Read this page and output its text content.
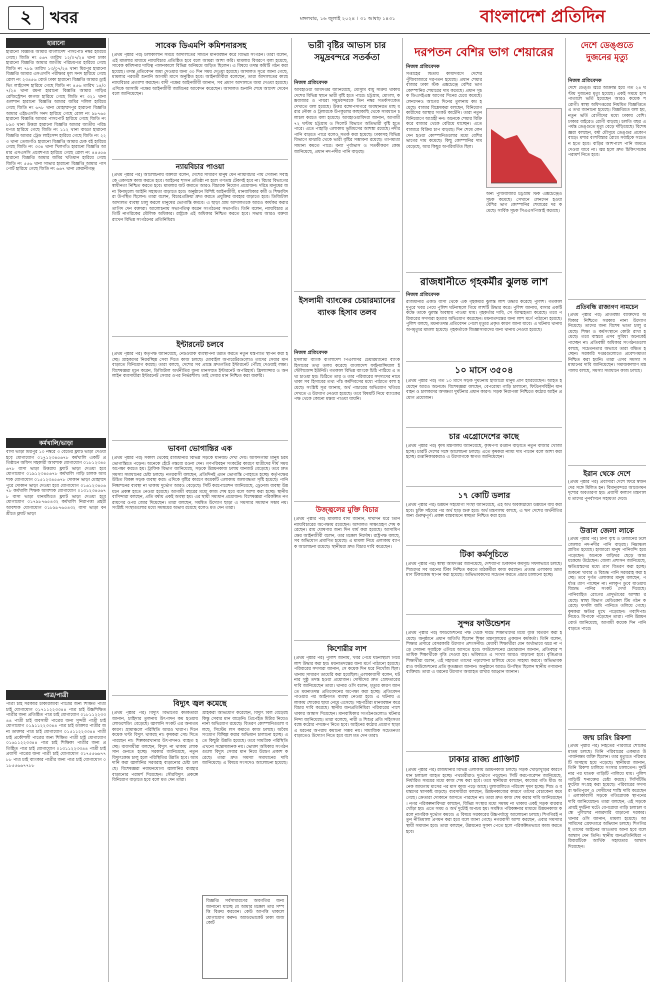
২	খবর	মঙ্গলবার, ১৬ জুলাই ২০২৪ । ৩১ আষাঢ় ১৪৩১	বাংলাদেশ প্রতিদিন
হারানো
হারানো বিজ্ঞপ্তি আমার বাংলাদেশ পাসপোর্ট নম্বর হারিয়ে গেছে। জিডি নং ৫৬৭ তারিখ ১২/০৭/২৪ থানা ঢাকা হারানো বিজ্ঞপ্তি আমার জাতীয় পরিচয়পত্র হারিয়ে গেছে জিডি নং ৭৮৯ তারিখ ১৩/০৭/২৪ থানা মিরপুর হারানো বিজ্ঞপ্তি আমার এসএসসি পরীক্ষার মূল সনদ হারিয়ে গেছে রোল নং ২৩৪৫৬ বোর্ড ঢাকা হারানো বিজ্ঞপ্তি আমার ড্রাইভিং লাইসেন্স হারিয়ে গেছে জিডি নং ৪৫৬ তারিখ ১৪/০৭/২৪ থানা রমনা হারানো বিজ্ঞপ্তি আমার গাড়ির রেজিস্ট্রেশন কাগজ হারিয়ে গেছে জিডি নং ৩২১ থানা গুলশান হারানো বিজ্ঞপ্তি আমার জমির দলিল হারিয়ে গেছে জিডি নং ৬৭৮ থানা মোহাম্মদপুর হারানো বিজ্ঞপ্তি আমার এইচএসসি সনদ হারিয়ে গেছে রোল নং ৯৮৭৬৫ হারানো বিজ্ঞপ্তি আমার পাসপোর্ট হারিয়ে গেছে জিডি নং ৮৯০ থানা উত্তরা হারানো বিজ্ঞপ্তি আমার জাতীয় পরিচয়পত্র হারিয়ে গেছে জিডি নং ১১২ থানা বাড্ডা হারানো বিজ্ঞপ্তি আমার ট্রেড লাইসেন্স হারিয়ে গেছে জিডি নং ২২৩ থানা তেজগাঁও হারানো বিজ্ঞপ্তি আমার চেক বই হারিয়ে গেছে জিডি নং ৩৩৪ থানা খিলগাঁও হারানো বিজ্ঞপ্তি আমার এসএসসি প্রবেশপত্র হারিয়ে গেছে রোল নং ৪৪৫৫৬ হারানো বিজ্ঞপ্তি আমার জমির খতিয়ান হারিয়ে গেছে জিডি নং ৫৫৬ থানা সাভার হারানো বিজ্ঞপ্তি আমার পাসপোর্ট হারিয়ে গেছে জিডি নং ৬৬৭ থানা কেরানীগঞ্জ
কর্মখালি/ভাড়া
বাসা ভাড়া মিরপুর ১০ নম্বরে ৩ বেডের ফ্ল্যাট ভাড়া দেওয়া হবে যোগাযোগ ০১৭১২৩৪৫৬৭৮ কর্মখালি একটি প্রতিষ্ঠানে অফিস সহকারী আবশ্যক যোগাযোগ ০১৮১২৩৪৫৬৭৮ বাসা ভাড়া উত্তরায় ফ্ল্যাট ভাড়া দেওয়া হবে যোগাযোগ ০১৯১২৩৪৫৬৭৮ কর্মখালি গাড়ি চালক আবশ্যক যোগাযোগ ০১৫১২৩৪৫৬৭৮ দোকান ভাড়া মোহাম্মদপুরে দোকান ভাড়া দেওয়া হবে যোগাযোগ ০১৬১২৩৪৫৬৭৮ কর্মখালি শিক্ষক আবশ্যক যোগাযোগ ০১৩১২৩৪৫৬৭৮ বাসা ভাড়া ধানমন্ডিতে ফ্ল্যাট ভাড়া দেওয়া হবে যোগাযোগ ০১৭৯৮৭৬৫৪৩২ কর্মখালি নিরাপত্তা প্রহরী আবশ্যক যোগাযোগ ০১৮৯৮৭৬৫৪৩২ বাসা ভাড়া বনশ্রীতে ফ্ল্যাট ভাড়া
পাত্র/পাত্রী
পাত্রী চাই সরকারি চাকরিজীবী পাত্রের জন্য শিক্ষিত পাত্রী চাই যোগাযোগ ০১৭১১২২৩৩৪৪ পাত্র চাই উচ্চশিক্ষিত পাত্রীর জন্য প্রতিষ্ঠিত পাত্র চাই যোগাযোগ ০১৮১১২২৩৩৪৪ পাত্রী চাই ব্যবসায়ী পাত্রের জন্য সুন্দরী পাত্রী চাই যোগাযোগ ০১৯১১২২৩৩৪৪ পাত্র চাই ডাক্তার পাত্রীর জন্য ডাক্তার পাত্র চাই যোগাযোগ ০১৫১১২২৩৩৪৪ পাত্রী চাই প্রকৌশলী পাত্রের জন্য শিক্ষিত পাত্রী চাই যোগাযোগ ০১৬১১২২৩৩৪৪ পাত্র চাই শিক্ষিকা পাত্রীর জন্য প্রতিষ্ঠিত পাত্র চাই যোগাযোগ ০১৩১১২২৩৩৪৪ পাত্রী চাই প্রবাসী পাত্রের জন্য পাত্রী চাই যোগাযোগ ০১৭৫৫৬৬৭৭৮৮ পাত্র চাই ব্যাংকার পাত্রীর জন্য পাত্র চাই যোগাযোগ ০১৮৫৫৬৬৭৭৮৮
সাবেক ডিএমপি কমিশনারসহ
(প্রথম পৃষ্ঠার পর) চলাকালীন সময়ে আদালতের সামনে মানববন্ধন করে বিভিন্ন সংগঠন। তারা বলেন, এই মামলার মাধ্যমে ন্যায়বিচার প্রতিষ্ঠিত হবে বলে আমরা আশা করি। মামলার বিবরণে বলা হয়েছে, সাবেক কমিশনার দায়িত্ব পালনকালে বিভিন্ন অনিয়মে জড়িত ছিলেন। এ বিষয়ে তদন্ত কমিটি গঠন করা হয়েছে। তদন্ত প্রতিবেদন জমা দেওয়ার জন্য ৩০ দিন সময় দেওয়া হয়েছে। আদালত সূত্রে জানা গেছে, মামলার পরবর্তী শুনানি আগামী মাসে অনুষ্ঠিত হবে। আইনজীবীরা বলেছেন, তারা আদালতের কাছে ন্যায়বিচার প্রত্যাশা করছেন। বাদী পক্ষের আইনজীবী জানান, সব প্রমাণ আদালতে জমা দেওয়া হয়েছে। এদিকে আসামি পক্ষের আইনজীবী জামিনের আবেদন করেছেন। আদালত শুনানি শেষে আদেশ দেবেন বলে জানিয়েছেন।
ন্যায়বিচার পাওয়া
(প্রথম পৃষ্ঠার পর) আলোচনায় বক্তারা বলেন, দেশের সাধারণ মানুষ যেন ন্যায়বিচার পায় সেজন্য সবাইকে একসঙ্গে কাজ করতে হবে। আইনের শাসন প্রতিষ্ঠা না হলে গণতন্ত্র টেকসই হবে না। বিচার বিভাগের স্বাধীনতা নিশ্চিত করতে হবে। মামলার জট কমাতে আরও বিচারক নিয়োগ প্রয়োজন। দরিদ্র মানুষের জন্য বিনামূল্যে আইনি সহায়তা বাড়াতে হবে। অনুষ্ঠানে বিশিষ্ট আইনজীবী, মানবাধিকার কর্মী ও শিক্ষাবিদরা উপস্থিত ছিলেন। তারা বলেন, বিচারপ্রক্রিয়া দ্রুত করতে প্রযুক্তির ব্যবহার বাড়াতে হবে। ডিজিটাল আদালত ব্যবস্থা চালু করলে মানুষের ভোগান্তি কমবে। এ ছাড়া গ্রাম আদালতকে আরও কার্যকর করার তাগিদ দেন বক্তারা। আলোচনায় সভাপতিত্ব করেন সংগঠনের সভাপতি। তিনি বলেন, ন্যায়বিচার প্রতিটি নাগরিকের মৌলিক অধিকার। রাষ্ট্রকে এই অধিকার নিশ্চিত করতে হবে। সভায় আরও বক্তব্য রাখেন বিভিন্ন সংগঠনের প্রতিনিধিরা।
ইন্টারনেট চলবে
(প্রথম পৃষ্ঠার পর) কর্তৃপক্ষ জানিয়েছে, নেটওয়ার্ক ব্যবস্থাপনা উন্নত করতে নতুন যন্ত্রপাতি স্থাপন করা হচ্ছে। গ্রাহকদের নিরবচ্ছিন্ন সেবা দিতে কাজ চলছে। মোবাইল অপারেটরগুলোও তাদের সেবার মান বাড়াতে বিনিয়োগ করছে। তারা বলছে, দেশের সব প্রান্তে দ্রুতগতির ইন্টারনেট পৌঁছে দেওয়াই লক্ষ্য। বিশেষজ্ঞরা মনে করেন, ডিজিটাল অর্থনীতির জন্য মানসম্মত ইন্টারনেট অপরিহার্য। ফ্রিল্যান্সার ও অনলাইন ব্যবসায়ীরা ইন্টারনেট সেবার ওপর নির্ভরশীল। তাই সেবার মান নিশ্চিত করা জরুরি।
ভাবনা ভোগান্তির এক
(প্রথম পৃষ্ঠার পর) সকাল থেকেই রাজধানীর বিভিন্ন সড়কে যানজট দেখা দেয়। অফিসগামী মানুষ চরম ভোগান্তিতে পড়েন। অনেকে হেঁটে গন্তব্যে রওনা দেন। গণপরিবহন সংকটের কারণে যাত্রীদের দীর্ঘ সময় অপেক্ষা করতে হয়। ট্রাফিক বিভাগ জানিয়েছে, সড়কে উন্নয়নকাজ চলায় যানজট বেড়েছে। তবে দ্রুত সমস্যা সমাধানের চেষ্টা চলছে। নগরবাসী বলছেন, প্রতিদিনই এমন ভোগান্তি পোহাতে হচ্ছে। কর্তৃপক্ষের উচিত বিকল্প সড়ক ব্যবস্থা করা। এদিকে বৃষ্টির কারণে কয়েকটি এলাকায় জলাবদ্ধতা সৃষ্টি হয়েছে। পানি নিষ্কাশনের ব্যবস্থা না থাকায় দুর্ভোগ আরও বেড়েছে। সিটি করপোরেশন জানিয়েছে, ড্রেনেজ ব্যবস্থা উন্নয়নে প্রকল্প হাতে নেওয়া হয়েছে। আগামী বছরের মধ্যে কাজ শেষ হবে বলে আশা করা হচ্ছে। স্থানীয় বাসিন্দারা বলছেন, প্রতি বর্ষায় একই অবস্থা হয়। এর স্থায়ী সমাধান প্রয়োজন। বিশেষজ্ঞরা পরিকল্পিত নগরায়ণের ওপর জোর দিয়েছেন। তারা বলছেন, সমন্বিত উদ্যোগ ছাড়া এ সমস্যার সমাধান সম্ভব নয়। সংশ্লিষ্ট সংস্থাগুলোর মধ্যে সমন্বয়ের অভাব রয়েছে বলেও মত দেন তারা।
বিদ্যুৎ জ্বল কমেছে
(প্রথম পৃষ্ঠার পর) বিদ্যুৎ বিভাগের কর্মকর্তারা জানান, চাহিদার তুলনায় উৎপাদন কম হওয়ায় লোডশেডিং বেড়েছে। জ্বালানি সংকট এর অন্যতম কারণ। গ্রামাঞ্চলে পরিস্থিতি আরও খারাপ। দিনে কয়েক ঘণ্টা বিদ্যুৎ থাকছে না। কৃষকরা সেচ দিতে পারছেন না। শিল্পকারখানার উৎপাদনও ব্যাহত হচ্ছে। ব্যবসায়ীরা বলছেন, বিদ্যুৎ না থাকায় লোকসান গুনতে হচ্ছে। সরকার জানিয়েছে, নতুন বিদ্যুৎকেন্দ্র চালু হলে পরিস্থিতির উন্নতি হবে। আমদানি করা জ্বালানির সরবরাহ বাড়ানোর চেষ্টা চলছে। বিশেষজ্ঞরা নবায়নযোগ্য জ্বালানির ব্যবহার বাড়ানোর পরামর্শ দিয়েছেন। সৌরবিদ্যুৎ প্রকল্পে বিনিয়োগ বাড়াতে হবে বলে মত দেন তারা।
গ্রাহকরা অভিযোগ করেছেন, বিদ্যুৎ বিল বেড়েছে কিন্তু সেবার মান বাড়েনি। প্রিপেইড মিটার নিয়েও নানা অভিযোগ রয়েছে। বিতরণ কোম্পানিগুলো বলছে, সিস্টেম লস কমাতে কাজ চলছে। অবৈধ সংযোগ বিচ্ছিন্ন করার অভিযান চালানো হচ্ছে। এতে কিছুটা উন্নতি হয়েছে। তবে সামগ্রিক পরিস্থিতি এখনো সন্তোষজনক নয়। ভোক্তা অধিকার সংগঠনগুলো বিদ্যুৎ সেবার মান নিয়ে উদ্বেগ প্রকাশ করেছে। তারা দ্রুত সমস্যা সমাধানের দাবি জানিয়েছে। এ বিষয়ে সংসদেও আলোচনা হয়েছে।
বিজ্ঞপ্তি সর্বসাধারণের অবগতির জন্য জানানো যাচ্ছে যে আমার মক্কেল তার সম্পত্তি বিক্রয় করবেন। কেউ আপত্তি থাকলে যোগাযোগ করুন। অ্যাডভোকেট ঢাকা জজ কোর্ট
ভারী বৃষ্টির আভাস চার সমুদ্রবন্দরে সতর্কতা
নিজস্ব প্রতিবেদক
আবহাওয়া অধিদপ্তর জানিয়েছে, মৌসুমি বায়ু সক্রিয় থাকায় দেশের বিভিন্ন স্থানে ভারী বৃষ্টি হতে পারে। চট্টগ্রাম, মোংলা, কক্সবাজার ও পায়রা সমুদ্রবন্দরকে তিন নম্বর সতর্কসংকেত দেখাতে বলা হয়েছে। উত্তর বঙ্গোপসাগরে অবস্থানরত মাছ ধরার নৌকা ও ট্রলারকে উপকূলের কাছাকাছি থেকে সাবধানে চলাচল করতে বলা হয়েছে। আবহাওয়াবিদরা জানান, আগামী ৭২ ঘণ্টায় চট্টগ্রাম ও সিলেট বিভাগে অতিভারী বৃষ্টি হতে পারে। এতে পাহাড়ি এলাকায় ভূমিধসের আশঙ্কা রয়েছে। নদীর পানি বাড়তে পারে বলেও সতর্ক করা হয়েছে। ঢাকাসহ বিভিন্ন বিভাগে মাঝারি থেকে ভারী বৃষ্টির সম্ভাবনা রয়েছে। তাপমাত্রা সামান্য কমতে পারে। বন্যা পূর্বাভাস ও সতর্কীকরণ কেন্দ্র জানিয়েছে, প্রধান নদ-নদীর পানি বাড়ছে।
ইসলামী ব্যাংকের চেয়ারম্যানের ব্যাংক হিসাব তলব
নিজস্ব প্রতিবেদক
ইসলামী ব্যাংক বাংলাদেশ পিএলসির চেয়ারম্যানের ব্যাংক হিসাবের তথ্য তলব করেছে বাংলাদেশ ফাইন্যান্সিয়াল ইন্টেলিজেন্স ইউনিট। গতকাল বিভিন্ন ব্যাংকে চিঠি পাঠিয়ে এ তথ্য চাওয়া হয়। চিঠিতে তার ও তার পরিবারের সদস্যদের নামে থাকা সব হিসাবের তথ্য পাঁচ কর্মদিবসের মধ্যে পাঠাতে বলা হয়েছে। সংশ্লিষ্ট সূত্র জানায়, অর্থ পাচারের অভিযোগ খতিয়ে দেখতে এ উদ্যোগ নেওয়া হয়েছে। তবে বিষয়টি নিয়ে ব্যাংকের পক্ষ থেকে কোনো মন্তব্য পাওয়া যায়নি।
উজ্জ্বলের মুক্তি বিচার
(প্রথম পৃষ্ঠার পর) মামলার বাদী জানান, দীর্ঘদিন ধরে তিনি ন্যায়বিচারের অপেক্ষায় রয়েছেন। আদালত সাক্ষ্যগ্রহণ শেষ করেছেন। রায় ঘোষণার জন্য দিন ধার্য করা হয়েছে। আসামিপক্ষের আইনজীবী বলেন, তার মক্কেল নির্দোষ। রাষ্ট্রপক্ষ বলছে, সব অভিযোগ প্রমাণিত হয়েছে। এ মামলা নিয়ে এলাকায় ব্যাপক আলোচনা রয়েছে। স্থানীয়রা দ্রুত বিচার দাবি করেছেন।
কিশোরীর লাশ
(প্রথম পৃষ্ঠার পর) পুলিশ জানায়, খবর পেয়ে ঘটনাস্থলে গিয়ে লাশ উদ্ধার করা হয়। ময়নাতদন্তের জন্য মর্গে পাঠানো হয়েছে। পরিবারের সদস্যরা জানান, সে কয়েক দিন ধরে নিখোঁজ ছিল। থানায় সাধারণ ডায়েরি করা হয়েছিল। এলাকাবাসী বলেন, ঘটনার সুষ্ঠু তদন্ত হওয়া প্রয়োজন। দোষীদের দ্রুত গ্রেফতারের দাবি জানিয়েছেন তারা। থানার ওসি বলেন, মৃত্যুর কারণ জানতে ময়নাতদন্ত প্রতিবেদনের অপেক্ষা করা হচ্ছে। প্রতিবেদন পাওয়ার পর আইনগত ব্যবস্থা নেওয়া হবে। এ ঘটনায় এলাকায় শোকের ছায়া নেমে এসেছে। সহপাঠীরা মানববন্ধন করে বিচার দাবি করেছে। স্থানীয় জনপ্রতিনিধিরা পরিবারের পাশে থাকার আশ্বাস দিয়েছেন। মানবাধিকার সংগঠনগুলোও ঘটনার নিন্দা জানিয়েছে। তারা বলেছে, নারী ও শিশুর প্রতি সহিংসতা বন্ধে কঠোর পদক্ষেপ নিতে হবে। আইনের কঠোর প্রয়োগ ছাড়া এ ধরনের অপরাধ কমানো সম্ভব নয়। সামাজিক সচেতনতা বাড়াতেও উদ্যোগ নিতে হবে বলে মত দেন তারা।
দরপতন বেশির ভাগ শেয়ারের
নিজস্ব প্রতিবেদক
সপ্তাহের দ্বিতীয় কার্যদিবসে দেশের পুঁজিবাজারে দরপতন হয়েছে। প্রধান শেয়ারবাজার ঢাকা স্টক এক্সচেঞ্জে বেশির ভাগ কোম্পানির শেয়ারের দাম কমেছে। প্রধান সূচক ডিএসইএক্স আগের দিনের চেয়ে কমেছে। লেনদেনও আগের দিনের তুলনায় কম হয়েছে। বাজার বিশ্লেষকরা বলছেন, বিনিয়োগকারীদের আস্থার সংকট কাটেনি। তারা নতুন বিনিয়োগে আগ্রহী নন। অনেকে শেয়ার বিক্রি করে বাজার থেকে বেরিয়ে যাচ্ছেন। এতে বাজারে বিক্রির চাপ বাড়ছে। দিন শেষে লেনদেন হওয়া কোম্পানিগুলোর মধ্যে বেশির ভাগের দাম কমেছে। কিছু কোম্পানির দাম বেড়েছে, আর কিছুর অপরিবর্তিত ছিল।
অন্য পুঁজিবাজার চট্টগ্রাম স্টক এক্সচেঞ্জেও সূচক কমেছে। সেখানে লেনদেন হওয়া বেশির ভাগ কোম্পানির শেয়ারের দর কমেছে। সার্বিক সূচক সিএএসপিআই কমেছে।
রাজধানীতে গৃহকর্মীর ঝুলন্ত লাশ
নিজস্ব প্রতিবেদক
রাজধানীর একটি বাসা থেকে এক গৃহকর্মীর ঝুলন্ত লাশ উদ্ধার করেছে পুলিশ। গতকাল দুপুরে খবর পেয়ে পুলিশ ঘটনাস্থলে গিয়ে লাশটি উদ্ধার করে। পুলিশ জানায়, বাসার একটি কক্ষে তাকে ঝুলন্ত অবস্থায় পাওয়া যায়। গৃহকর্তার দাবি, সে আত্মহত্যা করেছে। তবে পরিবারের সদস্যরা হত্যার অভিযোগ করেছেন। ময়নাতদন্তের জন্য লাশ মর্গে পাঠানো হয়েছে। পুলিশ বলছে, ময়নাতদন্ত প্রতিবেদন পেলে মৃত্যুর প্রকৃত কারণ জানা যাবে। এ ঘটনায় থানায় অপমৃত্যুর মামলা হয়েছে। গৃহকর্তাকে জিজ্ঞাসাবাদের জন্য থানায় নেওয়া হয়েছে।
১০ মাসে ৩৫০৪
(প্রথম পৃষ্ঠার পর) গত ১০ মাসে সড়ক দুর্ঘটনায় হাজারো মানুষ প্রাণ হারিয়েছেন। আহত হয়েছেন আরও অনেকে। বিশেষজ্ঞরা বলছেন, বেপরোয়া গাড়ি চালানো, ফিটনেসবিহীন যানবাহন ও চালকদের অদক্ষতা দুর্ঘটনার প্রধান কারণ। সড়ক নিরাপত্তা নিশ্চিতে কঠোর আইন প্রয়োগ প্রয়োজন।
চার এগ্রোদেশের কাছে
(প্রথম পৃষ্ঠার পর) কৃষি মন্ত্রণালয় জানিয়েছে, কৃষিপণ্য রপ্তানি বাড়াতে নতুন বাজার খোঁজা হচ্ছে। চারটি দেশের সঙ্গে আলোচনা চলছে। এতে কৃষকরা ন্যায্য দাম পাবেন বলে আশা করা হচ্ছে। রপ্তানিকারকরাও এ উদ্যোগকে স্বাগত জানিয়েছেন।
১৭ কোটি ডলার
(প্রথম পৃষ্ঠার পর) উন্নয়ন সহযোগী সংস্থা জানিয়েছে, এই অর্থ অবকাঠামো উন্নয়নে ব্যয় করা হবে। চুক্তি সইয়ের পর অর্থ ছাড় শুরু হবে। অর্থ মন্ত্রণালয় বলছে, এ ঋণ দেশের অর্থনীতির জন্য গুরুত্বপূর্ণ। প্রকল্প বাস্তবায়নে স্বচ্ছতা নিশ্চিত করা হবে।
টিকা কর্মসূচিতে
(প্রথম পৃষ্ঠার পর) স্বাস্থ্য অধিদপ্তর জানিয়েছে, দেশব্যাপী টিকাদান কর্মসূচি সফলভাবে চলছে। শিশুদের সব ধরনের টিকা নিশ্চিত করতে মাঠকর্মীরা কাজ করছেন। প্রত্যন্ত এলাকায় ভ্রাম্যমাণ টিকাকেন্দ্র স্থাপন করা হয়েছে। অভিভাবকদের সচেতন করতে প্রচার চালানো হচ্ছে।
সুন্দর ফাউন্ডেশন
(প্রথম পৃষ্ঠার পর) ফাউন্ডেশনের পক্ষ থেকে দরিদ্র শিক্ষার্থীদের মধ্যে বৃত্তি বিতরণ করা হয়েছে। অনুষ্ঠানে প্রধান অতিথি ছিলেন শিক্ষা মন্ত্রণালয়ের একজন কর্মকর্তা। তিনি বলেন, শিক্ষার প্রসারে বেসরকারি উদ্যোগ প্রশংসনীয়। মেধাবী শিক্ষার্থীরা যেন অর্থাভাবে ঝরে না পড়ে সেজন্য সবাইকে এগিয়ে আসতে হবে। ফাউন্ডেশনের চেয়ারম্যান জানান, প্রতিবছর শতাধিক শিক্ষার্থীকে বৃত্তি দেওয়া হয়। ভবিষ্যতে এ সংখ্যা আরও বাড়ানো হবে। বৃত্তিপ্রাপ্ত শিক্ষার্থীরা বলেন, এই সহায়তা তাদের পড়াশোনা চালিয়ে যেতে সাহায্য করবে। অভিভাবকরাও ফাউন্ডেশনের প্রতি কৃতজ্ঞতা জানান। অনুষ্ঠানে আরও উপস্থিত ছিলেন স্থানীয় গণ্যমান্য ব্যক্তিরা। তারা এ ধরনের উদ্যোগ অব্যাহত রাখার আহ্বান জানান।
ঢাকার রাজ্য প্রাক্তিটি
(প্রথম পৃষ্ঠার পর) রাজধানীর বিভিন্ন এলাকায় উন্নয়নকাজ চলছে। সড়ক খোঁড়াখুঁড়ির কারণে যান চলাচল ব্যাহত হচ্ছে। পথচারীরাও দুর্ভোগে পড়ছেন। সিটি করপোরেশন জানিয়েছে, নির্ধারিত সময়ের মধ্যে কাজ শেষ করা হবে। তবে স্থানীয়রা বলছেন, কাজের গতি ধীর। অনেক জায়গায় মাসের পর মাস কাজ পড়ে আছে। ধুলাবালিতে পরিবেশ দূষণ হচ্ছে। শিশু ও বয়স্কদের শ্বাসকষ্ট বাড়ছে। ব্যবসায়ীরা বলছেন, উন্নয়নকাজের কারণে তাদের বেচাকেনা কমে গেছে। ক্রেতারা দোকানে আসতে পারছেন না। তারা দ্রুত কাজ শেষ করার দাবি জানিয়েছেন। নগর পরিকল্পনাবিদরা বলছেন, বিভিন্ন সংস্থার মধ্যে সমন্বয় না থাকায় একই সড়ক বারবার খোঁড়া হয়। এতে সময় ও অর্থ দুটোই অপচয় হয়। সমন্বিত পরিকল্পনার মাধ্যমে উন্নয়নকাজ করলে নাগরিক দুর্ভোগ কমবে। এ বিষয়ে সরকারের উচ্চপর্যায়ে আলোচনা চলছে। শিগগিরই নতুন নীতিমালা প্রণয়ন করা হবে বলে জানা গেছে। নগরবাসী আশা করছেন, এবার সমস্যার স্থায়ী সমাধান হবে। তারা বলছেন, উন্নয়নের সুফল পেতে হলে পরিকল্পিতভাবে কাজ করতে হবে।
দেশে ডেঙ্গুতে দুজনের মৃত্যু
নিজস্ব প্রতিবেদক
দেশে ডেঙ্গু জ্বরে আক্রান্ত হয়ে গত ২৪ ঘণ্টায় দুজনের মৃত্যু হয়েছে। একই সময়ে হাসপাতালে ভর্তি হয়েছেন আরও কয়েক শ রোগী। স্বাস্থ্য অধিদপ্তরের নিয়মিত বিজ্ঞপ্তিতে এ তথ্য জানানো হয়েছে। বিজ্ঞপ্তিতে বলা হয়, নতুন ভর্তি রোগীদের মধ্যে ঢাকায় বেশি। ঢাকার বাইরেও রোগী বাড়ছে। চলতি বছর এ পর্যন্ত ডেঙ্গুতে মৃত্যু বেড়ে দাঁড়িয়েছে। বিশেষজ্ঞরা বলছেন, বর্ষা মৌসুমে ডেঙ্গুর প্রকোপ বাড়ে। মশার বংশবিস্তার রোধে সবাইকে সচেতন হতে হবে। বাড়ির আশপাশে পানি জমতে দেওয়া যাবে না। জ্বর হলে দ্রুত চিকিৎসকের পরামর্শ নিতে হবে।
প্রতিবন্ধি রাজ্যগণ নামচেন
(প্রথম পৃষ্ঠার পর) প্রতিবন্ধী ব্যক্তিদের অধিকার নিশ্চিতে সরকার নানা উদ্যোগ নিয়েছে। তাদের জন্য বিশেষ ভাতা চালু রয়েছে। শিক্ষা ও কর্মসংস্থানে কোটা রাখা হয়েছে। তবে বাস্তবে এসব সুবিধা অনেকেই পাচ্ছেন না। প্রতিবন্ধী অধিকার সংগঠনগুলো বলছে, সচেতনতার অভাবে তারা বঞ্চিত হচ্ছেন। সরকারি দপ্তরগুলোতে প্রবেশগম্যতা নিশ্চিত করা হয়নি। তারা এসব সমস্যা সমাধানের দাবি জানিয়েছেন। সমাজকল্যাণ মন্ত্রণালয় বলছে, সমস্যা সমাধানে কাজ চলছে।
ইরান থেকে দেশে
(প্রথম পৃষ্ঠার পর) প্রবাসীরা দেশে ফিরে স্বজনদের সঙ্গে মিলিত হন। বিমানবন্দরে আবেগঘন দৃশ্যের অবতারণা হয়। প্রবাসী কল্যাণ মন্ত্রণালয় তাদের পুনর্বাসনে সহায়তা দেবে।
উত্তাল জেলা লাকে
(প্রথম পৃষ্ঠার পর) টানা বৃষ্টি ও উজানের ঢলে জেলার নদ-নদীর পানি বাড়ছে। নিম্নাঞ্চল প্লাবিত হয়েছে। হাজারো মানুষ পানিবন্দি হয়ে পড়েছেন। অনেকে বাড়িঘর ছেড়ে আশ্রয়কেন্দ্রে উঠেছেন। জেলা প্রশাসন জানিয়েছে, ক্ষতিগ্রস্তদের মধ্যে ত্রাণ বিতরণ করা হচ্ছে। শুকনো খাবার ও বিশুদ্ধ পানি সরবরাহ করা হচ্ছে। তবে দুর্গত এলাকার মানুষ বলছেন, পর্যাপ্ত ত্রাণ পাচ্ছেন না। নলকূপ ডুবে যাওয়ায় বিশুদ্ধ পানির সংকট দেখা দিয়েছে। পানিবাহিত রোগের প্রাদুর্ভাবের আশঙ্কা রয়েছে। স্বাস্থ্য বিভাগ মেডিকেল টিম গঠন করেছে। ফসলি জমি পানিতে তলিয়ে গেছে। কৃষকরা ক্ষতির মুখে পড়েছেন। গবাদিপশু নিয়েও বিপাকে পড়েছেন তারা। পানি উন্নয়ন বোর্ড জানিয়েছে, আগামী কয়েক দিন পানি বাড়তে পারে।
জন্ম চারিং রিকশা
(প্রথম পৃষ্ঠার পর) নিহতের পরিবারে শোকের মাতম চলছে। তিনি পরিবারের একমাত্র উপার্জনক্ষম ব্যক্তি ছিলেন। তার মৃত্যুতে পরিবারটি অসহায় হয়ে পড়েছে। স্থানীয়রা জানান, তিনি রিকশা চালিয়ে সংসার চালাতেন। দুর্ঘটনার পর ঘাতক গাড়িটি পালিয়ে যায়। পুলিশ গাড়িটি শনাক্তের চেষ্টা করছে। সিসিটিভি ফুটেজ সংগ্রহ করা হয়েছে। পরিবারের সদস্যরা ক্ষতিপূরণ ও দোষীদের শাস্তি দাবি করেছেন। এলাকাবাসী সড়কে গতিরোধক স্থাপনের দাবি জানিয়েছেন। তারা বলছেন, এই সড়কে প্রায়ই দুর্ঘটনা ঘটে। বেপরোয়া গাড়ি চলাচল বন্ধে পুলিশের নজরদারি বাড়ানো দরকার। থানার ওসি জানান, মামলা হয়েছে। আসামিদের গ্রেফতারে অভিযান চলছে। শিগগিরই তাদের আইনের আওতায় আনা হবে বলে আশ্বাস দেন তিনি। স্থানীয় জনপ্রতিনিধিরা পরিবারটিকে আর্থিক সহায়তার আশ্বাস দিয়েছেন।
